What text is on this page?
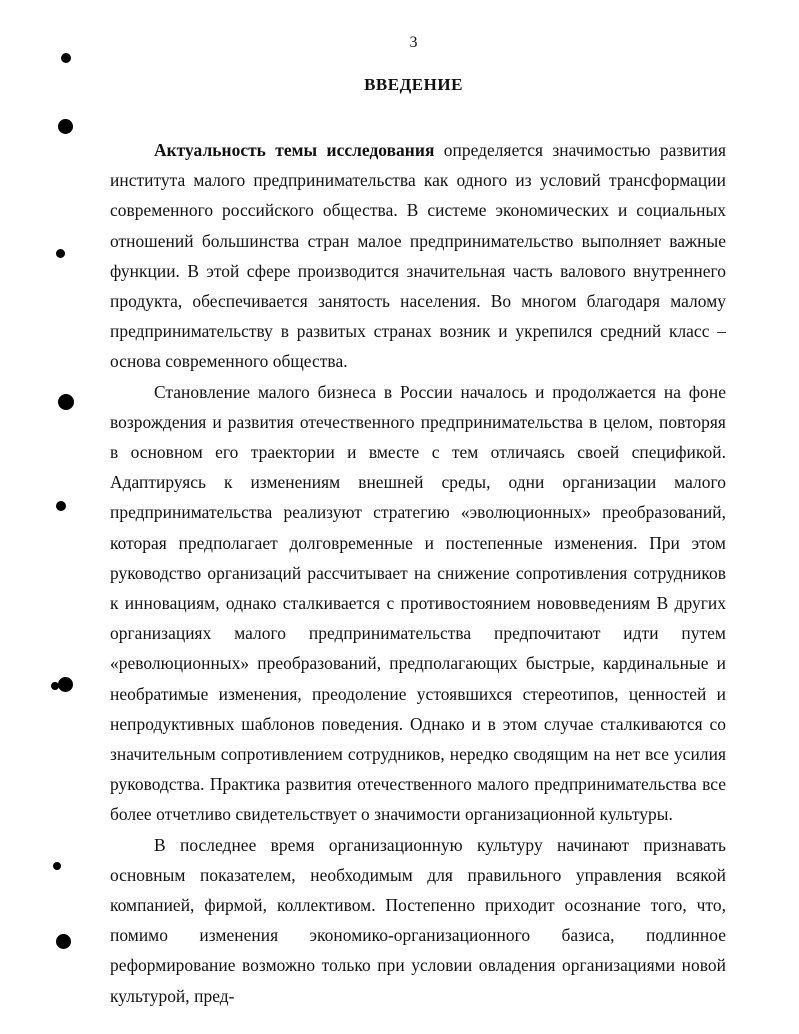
3

ВВЕДЕНИЕ

Актуальность темы исследования определяется значимостью развития института малого предпринимательства как одного из условий трансформации современного российского общества. В системе экономических и социальных отношений большинства стран малое предпринимательство выполняет важные функции. В этой сфере производится значительная часть валового внутреннего продукта, обеспечивается занятость населения. Во многом благодаря малому предпринимательству в развитых странах возник и укрепился средний класс – основа современного общества.

Становление малого бизнеса в России началось и продолжается на фоне возрождения и развития отечественного предпринимательства в целом, повторяя в основном его траектории и вместе с тем отличаясь своей спецификой. Адаптируясь к изменениям внешней среды, одни организации малого предпринимательства реализуют стратегию «эволюционных» преобразований, которая предполагает долговременные и постепенные изменения. При этом руководство организаций рассчитывает на снижение сопротивления сотрудников к инновациям, однако сталкивается с противостоянием нововведениям В других организациях малого предпринимательства предпочитают идти путем «революционных» преобразований, предполагающих быстрые, кардинальные и необратимые изменения, преодоление устоявшихся стереотипов, ценностей и непродуктивных шаблонов поведения. Однако и в этом случае сталкиваются со значительным сопротивлением сотрудников, нередко сводящим на нет все усилия руководства. Практика развития отечественного малого предпринимательства все более отчетливо свидетельствует о значимости организационной культуры.

В последнее время организационную культуру начинают признавать основным показателем, необходимым для правильного управления всякой компанией, фирмой, коллективом. Постепенно приходит осознание того, что, помимо изменения экономико-организационного базиса, подлинное реформирование возможно только при условии овладения организациями новой культурой, пред-
